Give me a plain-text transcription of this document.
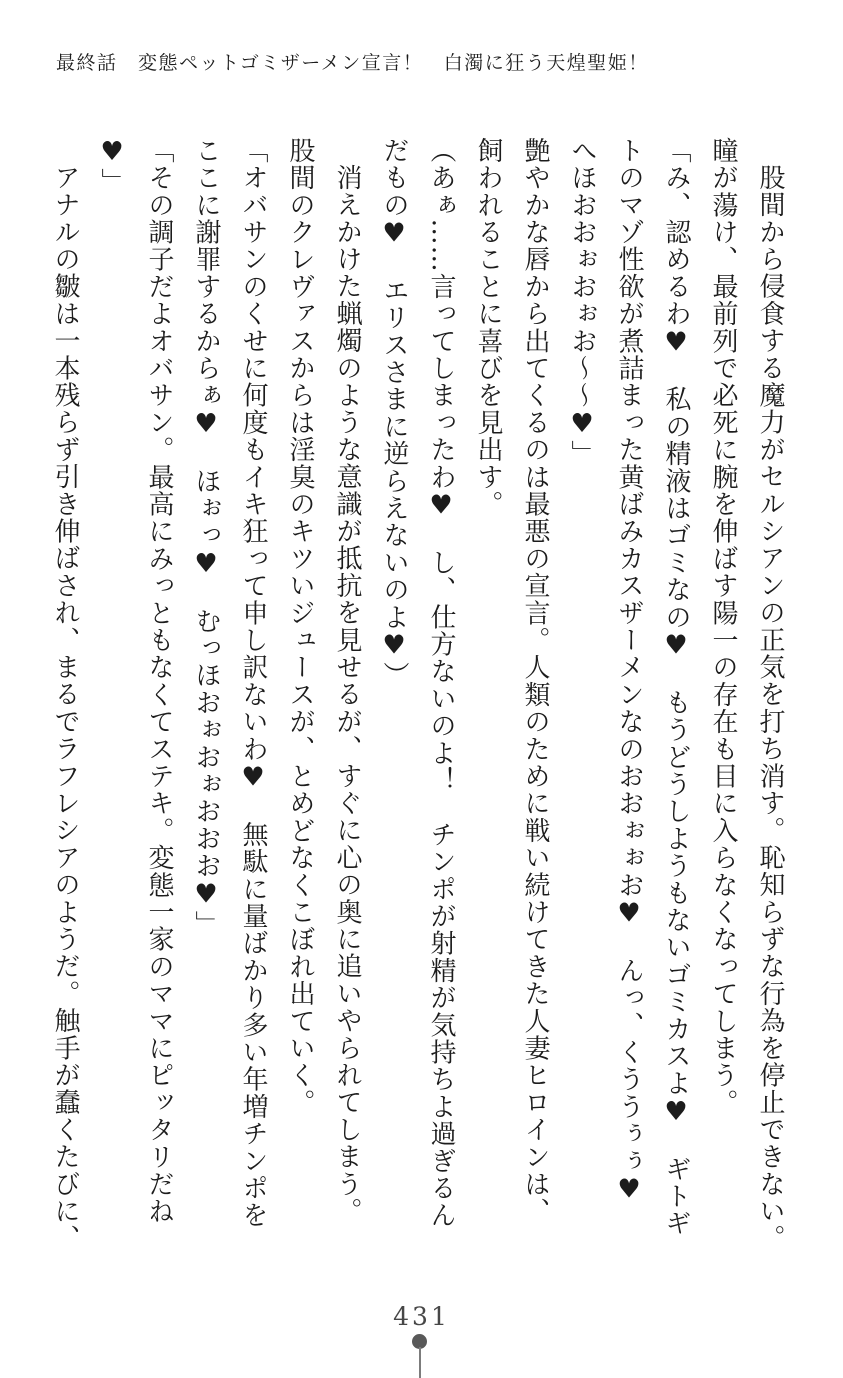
最終話　変態ペットゴミザーメン宣言！　白濁に狂う天煌聖姫！
股間から侵食する魔力がセルシアンの正気を打ち消す。恥知らずな行為を停止できない。
瞳が蕩け、最前列で必死に腕を伸ばす陽一の存在も目に入らなくなってしまう。
「み、認めるわ♥　私の精液はゴミなの♥　もうどうしようもないゴミカスよ♥　ギトギ
トのマゾ性欲が煮詰まった黄ばみカスザーメンなのおおぉぉお♥　んっ、くううぅぅ♥
へほおおぉおぉお～～♥」
艶やかな唇から出てくるのは最悪の宣言。人類のために戦い続けてきた人妻ヒロインは、
飼われることに喜びを見出す。
（あぁ……言ってしまったわ♥　し、仕方ないのよ！　チンポが射精が気持ちよ過ぎるん
だもの♥　エリスさまに逆らえないのよ♥）
消えかけた蝋燭のような意識が抵抗を見せるが、すぐに心の奥に追いやられてしまう。
股間のクレヴァスからは淫臭のキツいジュースが、とめどなくこぼれ出ていく。
「オバサンのくせに何度もイキ狂って申し訳ないわ♥　無駄に量ばかり多い年増チンポを
ここに謝罪するからぁ♥　ほぉっ♥　むっほおぉおぉおおお♥」
「その調子だよオバサン。最高にみっともなくてステキ。変態一家のママにピッタリだね
♥」
アナルの皺は一本残らず引き伸ばされ、まるでラフレシアのようだ。触手が蠢くたびに、
431
